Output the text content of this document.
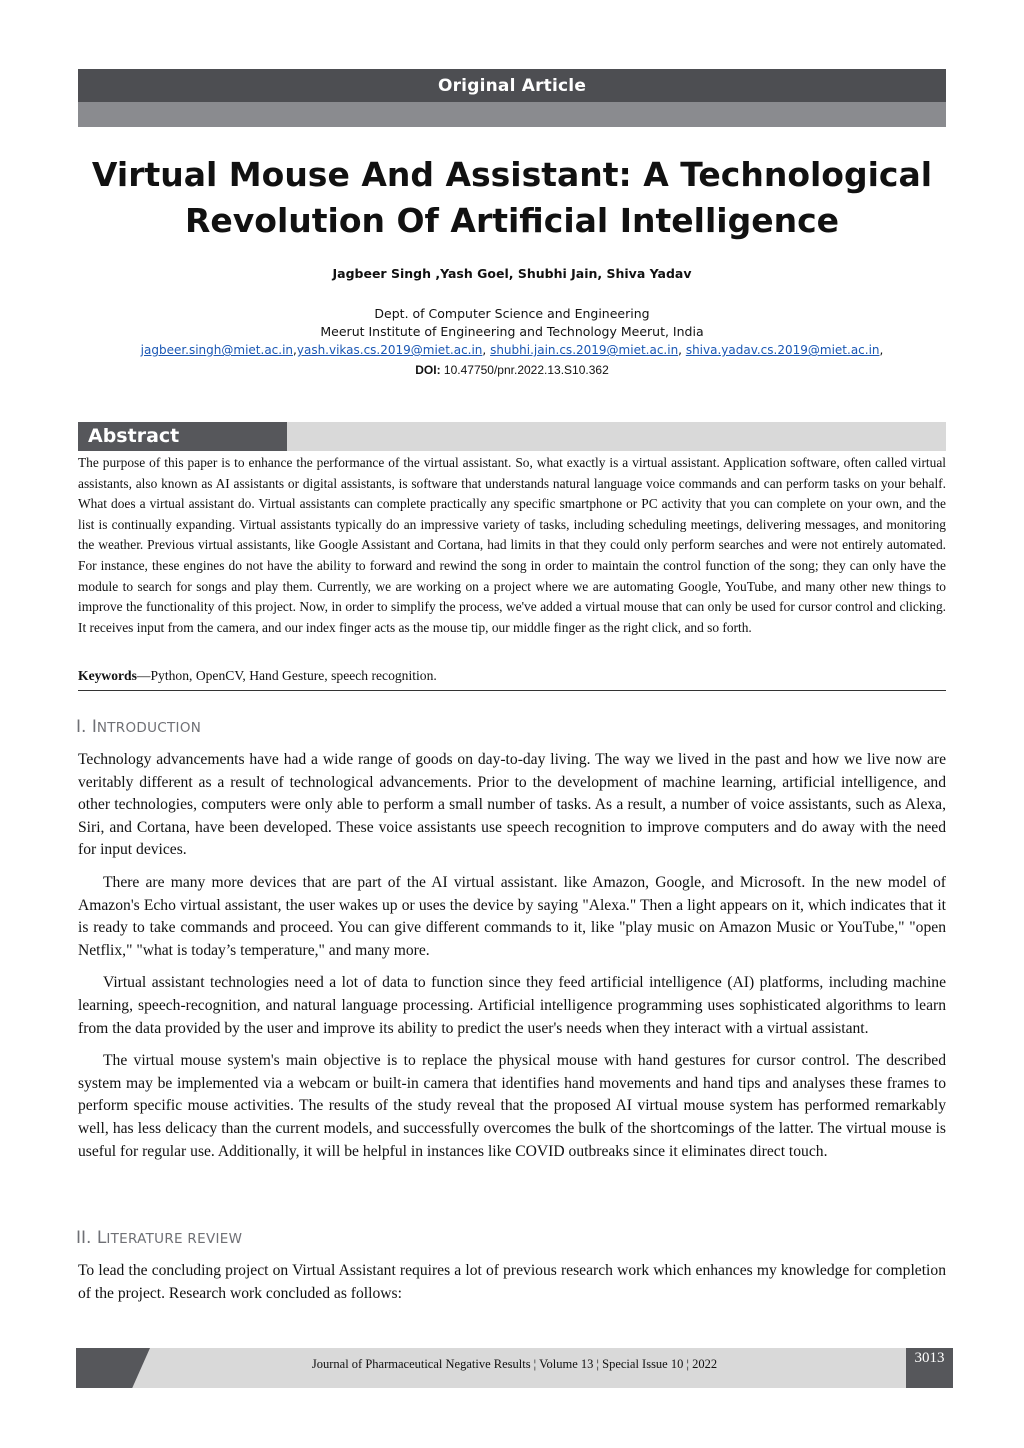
Original Article
Virtual Mouse And Assistant: A Technological
Revolution Of Artificial Intelligence
Jagbeer Singh ,Yash Goel, Shubhi Jain, Shiva Yadav
Dept. of Computer Science and Engineering
Meerut Institute of Engineering and Technology Meerut, India
jagbeer.singh@miet.ac.in,yash.vikas.cs.2019@miet.ac.in, shubhi.jain.cs.2019@miet.ac.in, shiva.yadav.cs.2019@miet.ac.in,
DOI: 10.47750/pnr.2022.13.S10.362
Abstract
The purpose of this paper is to enhance the performance of the virtual assistant. So, what exactly is a virtual assistant. Application software, often called virtual assistants, also known as AI assistants or digital assistants, is software that understands natural language voice commands and can perform tasks on your behalf. What does a virtual assistant do. Virtual assistants can complete practically any specific smartphone or PC activity that you can complete on your own, and the list is continually expanding. Virtual assistants typically do an impressive variety of tasks, including scheduling meetings, delivering messages, and monitoring the weather. Previous virtual assistants, like Google Assistant and Cortana, had limits in that they could only perform searches and were not entirely automated. For instance, these engines do not have the ability to forward and rewind the song in order to maintain the control function of the song; they can only have the module to search for songs and play them. Currently, we are working on a project where we are automating Google, YouTube, and many other new things to improve the functionality of this project. Now, in order to simplify the process, we've added a virtual mouse that can only be used for cursor control and clicking. It receives input from the camera, and our index finger acts as the mouse tip, our middle finger as the right click, and so forth.
Keywords—Python, OpenCV, Hand Gesture, speech recognition.
I. INTRODUCTION

Technology advancements have had a wide range of goods on day-to-day living. The way we lived in the past and how we live now are veritably different as a result of technological advancements. Prior to the development of machine learning, artificial intelligence, and other technologies, computers were only able to perform a small number of tasks. As a result, a number of voice assistants, such as Alexa, Siri, and Cortana, have been developed. These voice assistants use speech recognition to improve computers and do away with the need for input devices.

There are many more devices that are part of the AI virtual assistant. like Amazon, Google, and Microsoft. In the new model of Amazon's Echo virtual assistant, the user wakes up or uses the device by saying "Alexa." Then a light appears on it, which indicates that it is ready to take commands and proceed. You can give different commands to it, like "play music on Amazon Music or YouTube," "open Netflix," "what is today’s temperature," and many more.

Virtual assistant technologies need a lot of data to function since they feed artificial intelligence (AI) platforms, including machine learning, speech-recognition, and natural language processing. Artificial intelligence programming uses sophisticated algorithms to learn from the data provided by the user and improve its ability to predict the user's needs when they interact with a virtual assistant.

The virtual mouse system's main objective is to replace the physical mouse with hand gestures for cursor control. The described system may be implemented via a webcam or built-in camera that identifies hand movements and hand tips and analyses these frames to perform specific mouse activities. The results of the study reveal that the proposed AI virtual mouse system has performed remarkably well, has less delicacy than the current models, and successfully overcomes the bulk of the shortcomings of the latter. The virtual mouse is useful for regular use. Additionally, it will be helpful in instances like COVID outbreaks since it eliminates direct touch.

II. LITERATURE REVIEW

To lead the concluding project on Virtual Assistant requires a lot of previous research work which enhances my knowledge for completion of the project. Research work concluded as follows:

Journal of Pharmaceutical Negative Results ¦ Volume 13 ¦ Special Issue 10 ¦ 2022	3013
